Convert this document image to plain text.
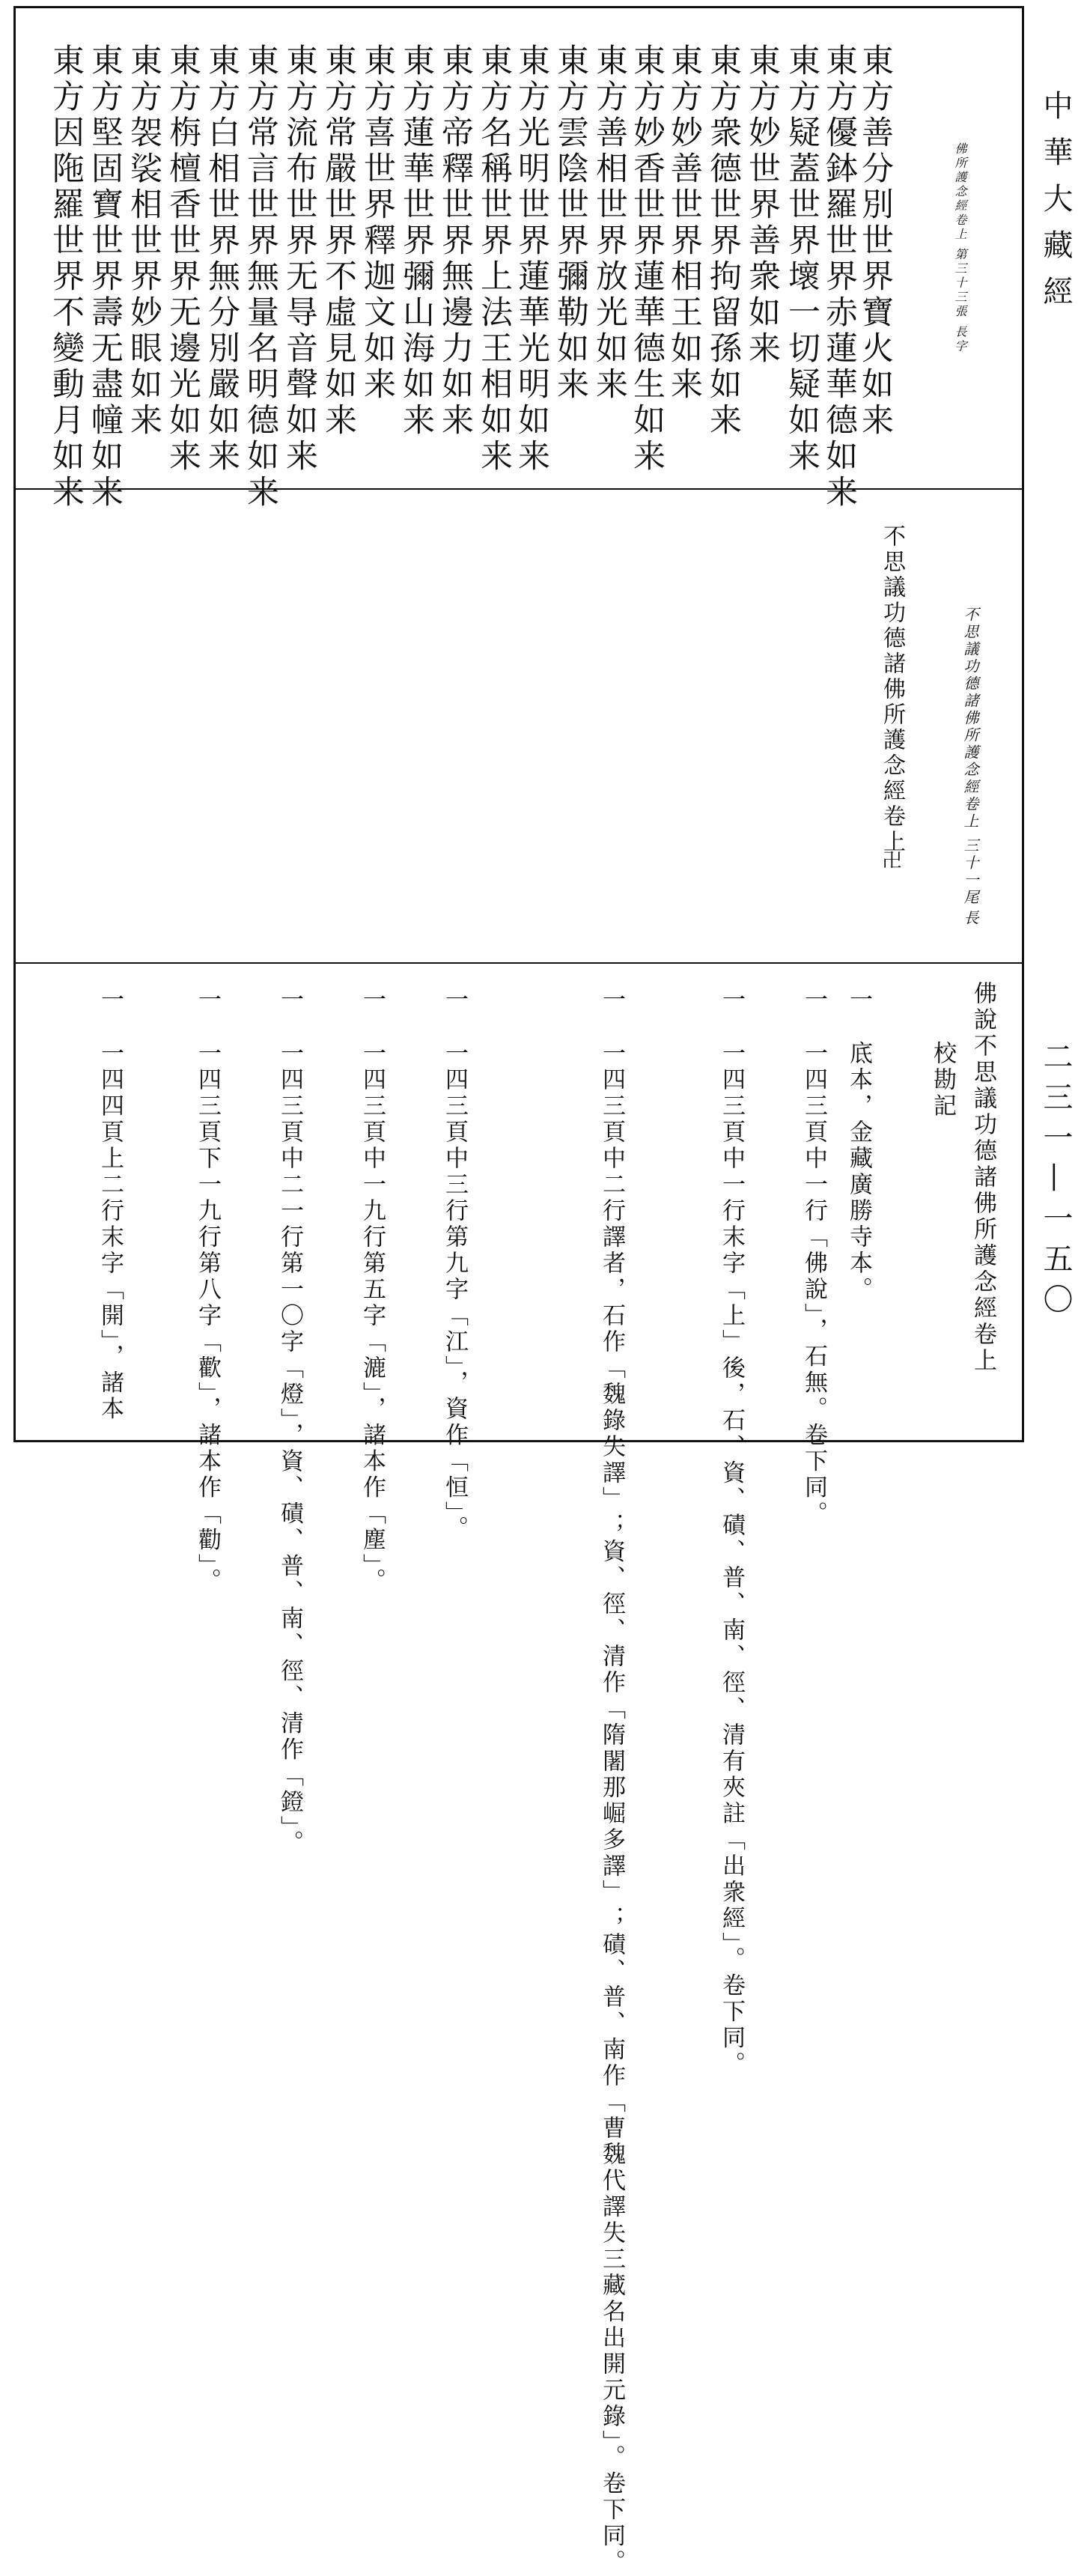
東方善分別世界寶火如来
東方優鉢羅世界赤蓮華德如来
東方疑蓋世界壞一切疑如来
東方妙世界善衆如来
東方衆德世界拘留孫如来
東方妙善世界相王如来
東方妙香世界蓮華德生如来
東方善相世界放光如来
東方雲陰世界彌勒如来
東方光明世界蓮華光明如来
東方名稱世界上法王相如来
東方帝釋世界無邊力如来
東方蓮華世界彌山海如来
東方喜世界釋迦文如来
東方常嚴世界不虛見如来
東方流布世界无㝵音聲如来
東方常言世界無量名明德如来
東方白相世界無分別嚴如来
東方栴檀香世界无邊光如来
東方袈裟相世界妙眼如来
東方堅固寶世界壽无盡幢如来
東方因陁羅世界不變動月如来	佛所護念經卷上 第三十三張 長字
不思議功德諸佛所護念經卷上	不思議功德諸佛所護念經卷上 三十一尾
長
卍
佛說不思議功德諸佛所護念經卷上
校勘記
一
底本，金藏廣勝寺本。
一
一四三頁中一行「佛說」，石無。卷下同。
一
一四三頁中一行末字「上」後，石、資、磧、普、南、徑、清有夾註「出衆經」。卷下同。
一
一四三頁中二行譯者，石作「魏錄失譯」；資、徑、清作「隋闍那崛多譯」；磧、普、南作「曹魏代譯失三藏名出開元錄」。卷下同。
一
一四三頁中三行第九字「江」，資作「恒」。
一
一四三頁中一九行第五字「漉」，諸本作「塵」。
一
一四三頁中二一行第一〇字「燈」，資、磧、普、南、徑、清作「鐙」。
一
一四三頁下一九行第八字「歡」，諸本作「勸」。
一
一四四頁上二行末字「開」，諸本
中華大藏經
二三一—一五〇
